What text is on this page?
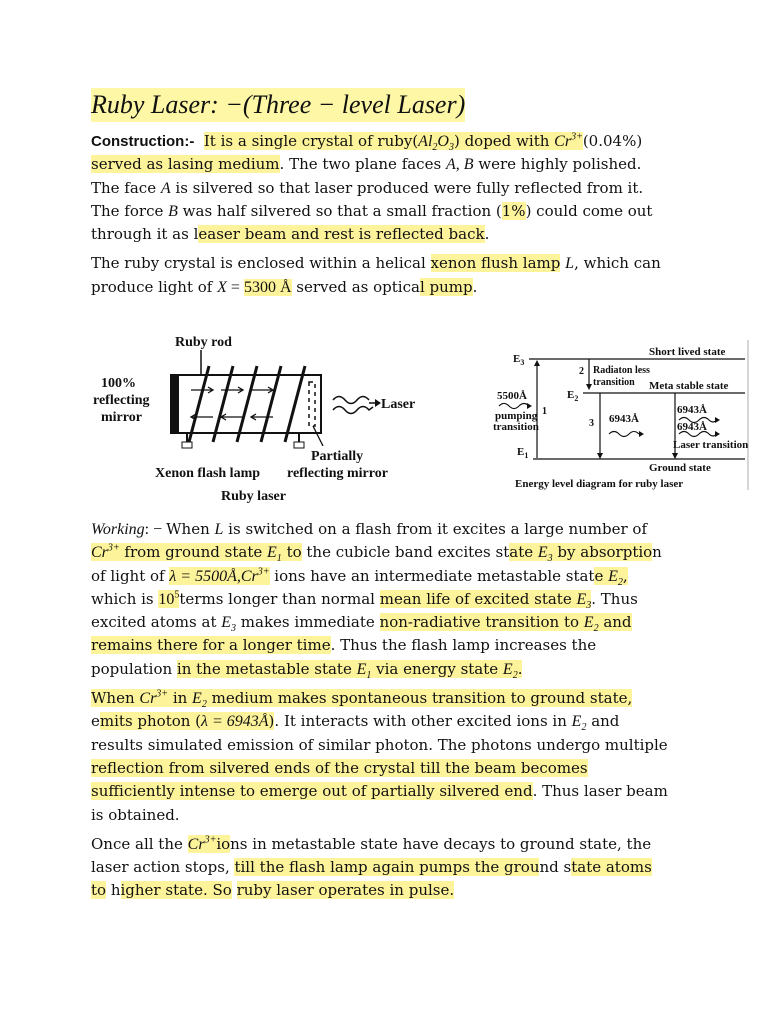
Ruby Laser: −(Three − level Laser)

Construction:- It is a single crystal of $ruby(Al_2O_3)$ doped with $Cr^{3+}(0.04\%)$ served as lasing medium. The two plane faces A, B were highly polished. The face A is silvered so that laser produced were fully reflected from it. The force B was half silvered so that a small fraction (1%) could come out through it as leaser beam and rest is reflected back.

The ruby crystal is enclosed within a helical xenon flush lamp L, which can produce light of X = 5300 Å served as optical pump.

Ruby rod
100%
reflecting
mirror
Laser
Partially
reflecting mirror
Xenon flash lamp
Ruby laser
$E_3$
Short lived state
2 Radiaton less
transition Meta stable state
$E_2$
5500Å
pumping
transition
1
3 6943Å
6943Å
6943Å
Laser transition
$E_1$
Ground state
Energy level diagram for ruby laser

Working: − When L is switched on a flash from it excites a large number of $Cr^{3+}$ from ground state $E_1$ to the cubicle band excites state $E_3$ by absorption of light of $\lambda = 5500Å,Cr^{3+}$ ions have an intermediate metastable state $E_2$, which is $10^5terms$ longer than normal mean life of excited state $E_3$. Thus excited atoms at $E_3$ makes immediate non-radiative transition to $E_2$ and remains there for a longer time. Thus the flash lamp increases the population in the metastable state $E_1$ via energy state $E_2$.

When $Cr^{3+}$ in $E_2$ medium makes spontaneous transition to ground state, emits photon (λ = 6943Å). It interacts with other excited ions in $E_2$ and results simulated emission of similar photon. The photons undergo multiple reflection from silvered ends of the crystal till the beam becomes sufficiently intense to emerge out of partially silvered end. Thus laser beam is obtained.

Once all the $Cr^{3+}ions$ in metastable state have decays to ground state, the laser action stops, till the flash lamp again pumps the ground state atoms to higher state. So ruby laser operates in pulse.
